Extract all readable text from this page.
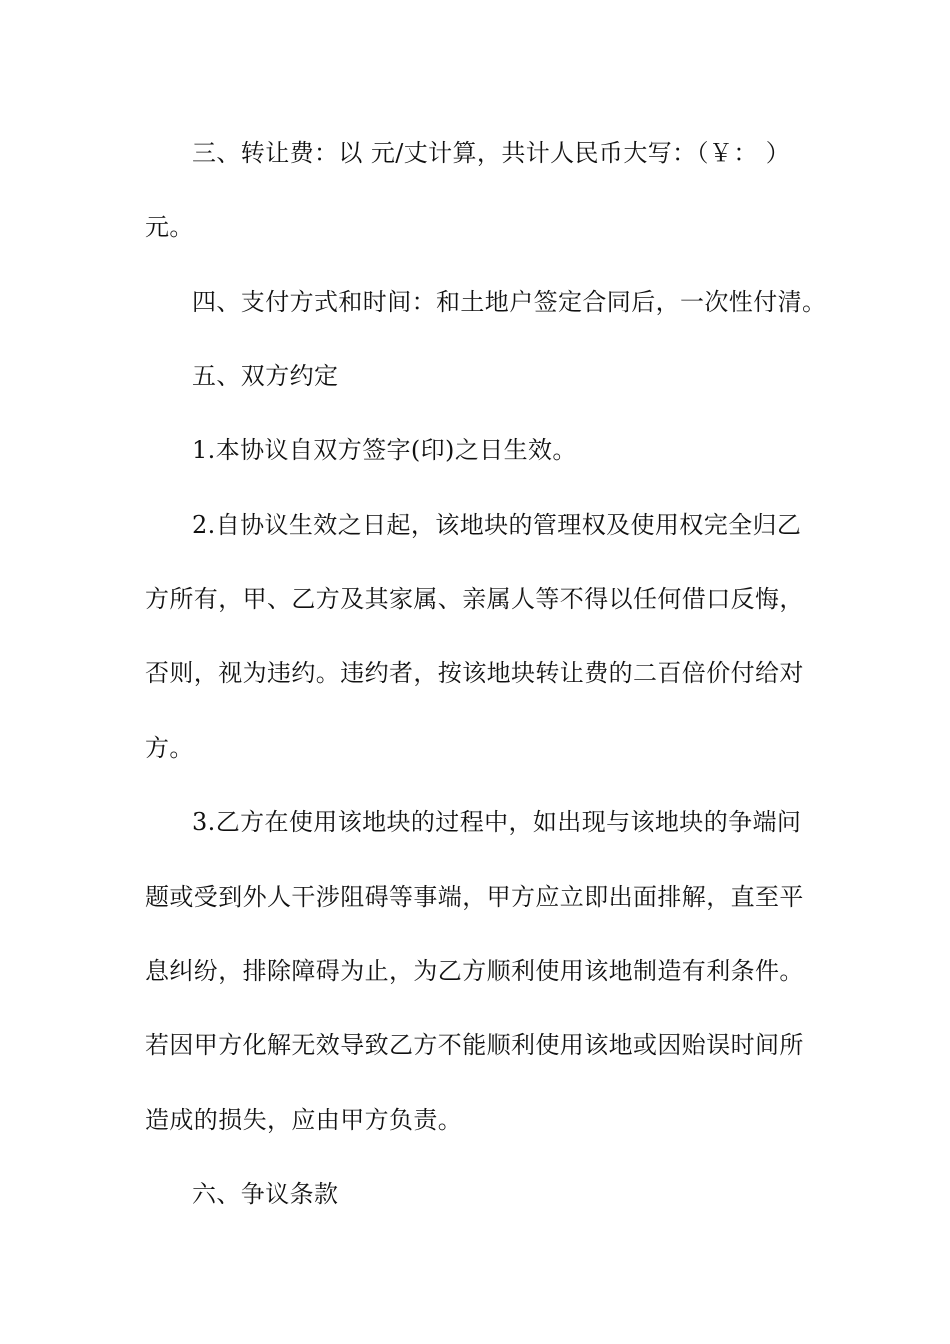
三、转让费：以 元/丈计算，共计人民币大写：（￥： ）
元。
四、支付方式和时间：和土地户签定合同后，一次性付清。
五、双方约定
1.本协议自双方签字(印)之日生效。
2.自协议生效之日起，该地块的管理权及使用权完全归乙
方所有，甲、乙方及其家属、亲属人等不得以任何借口反悔，
否则，视为违约。违约者，按该地块转让费的二百倍价付给对
方。
3.乙方在使用该地块的过程中，如出现与该地块的争端问
题或受到外人干涉阻碍等事端，甲方应立即出面排解，直至平
息纠纷，排除障碍为止，为乙方顺利使用该地制造有利条件。
若因甲方化解无效导致乙方不能顺利使用该地或因贻误时间所
造成的损失，应由甲方负责。
六、争议条款
